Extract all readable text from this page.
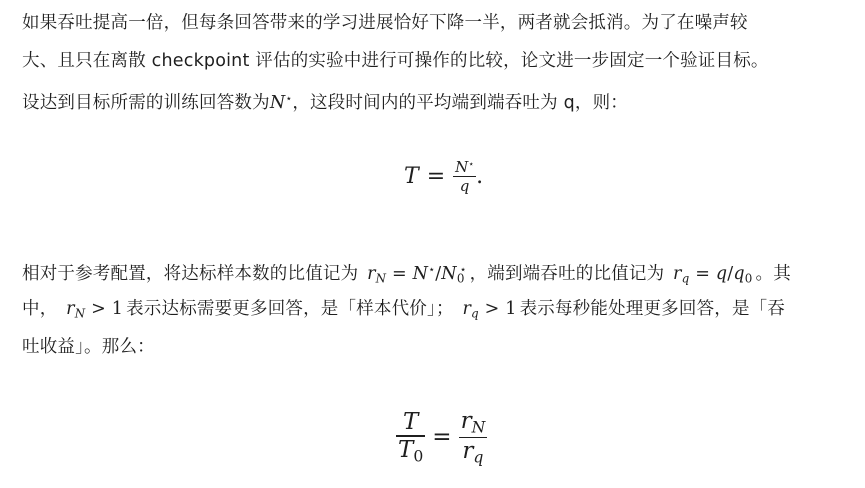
如果吞吐提高一倍，但每条回答带来的学习进展恰好下降一半，两者就会抵消。为了在噪声较
大、且只在离散 checkpoint 评估的实验中进行可操作的比较，论文进一步固定一个验证目标。
设达到目标所需的训练回答数为N⋆，这段时间内的平均端到端吞吐为 q，则：
$T = \frac{N^⋆}{q}$ .
相对于参考配置，将达标样本数的比值记为 $r_N = N^⋆/N_0^⋆$ ，端到端吞吐的比值记为 $r_q = q/q_0$ 。其
中， $r_N > 1$ 表示达标需要更多回答，是「样本代价」； $r_q > 1$ 表示每秒能处理更多回答，是「吞
吐收益」。那么：
$\frac{T}{T_0} = \frac{r_N}{r_q}$
